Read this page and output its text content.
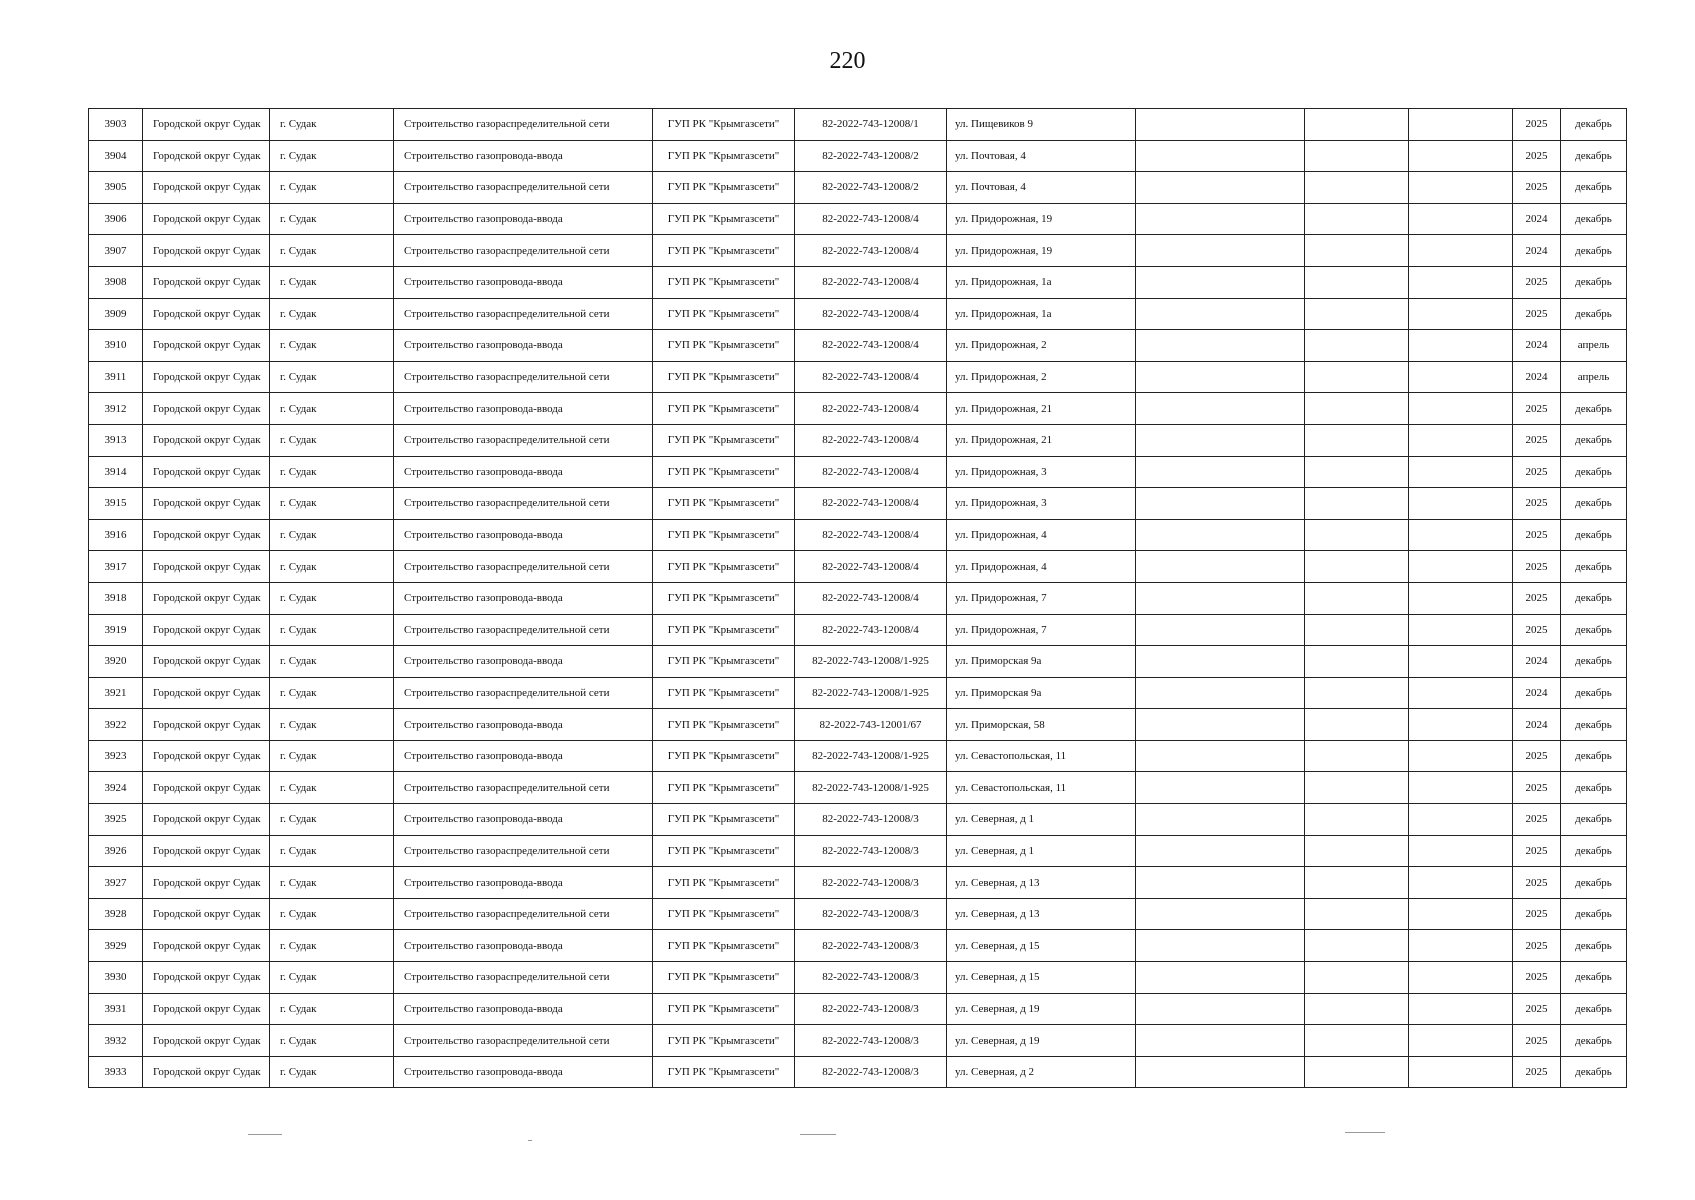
220
3903	Городской округ Судак	г. Судак	Строительство газораспределительной сети	ГУП РК "Крымгазсети"	82-2022-743-12008/1	ул. Пищевиков 9				2025	декабрь
3904	Городской округ Судак	г. Судак	Строительство газопровода-ввода	ГУП РК "Крымгазсети"	82-2022-743-12008/2	ул. Почтовая, 4				2025	декабрь
3905	Городской округ Судак	г. Судак	Строительство газораспределительной сети	ГУП РК "Крымгазсети"	82-2022-743-12008/2	ул. Почтовая, 4				2025	декабрь
3906	Городской округ Судак	г. Судак	Строительство газопровода-ввода	ГУП РК "Крымгазсети"	82-2022-743-12008/4	ул. Придорожная, 19				2024	декабрь
3907	Городской округ Судак	г. Судак	Строительство газораспределительной сети	ГУП РК "Крымгазсети"	82-2022-743-12008/4	ул. Придорожная, 19				2024	декабрь
3908	Городской округ Судак	г. Судак	Строительство газопровода-ввода	ГУП РК "Крымгазсети"	82-2022-743-12008/4	ул. Придорожная, 1а				2025	декабрь
3909	Городской округ Судак	г. Судак	Строительство газораспределительной сети	ГУП РК "Крымгазсети"	82-2022-743-12008/4	ул. Придорожная, 1а				2025	декабрь
3910	Городской округ Судак	г. Судак	Строительство газопровода-ввода	ГУП РК "Крымгазсети"	82-2022-743-12008/4	ул. Придорожная, 2				2024	апрель
3911	Городской округ Судак	г. Судак	Строительство газораспределительной сети	ГУП РК "Крымгазсети"	82-2022-743-12008/4	ул. Придорожная, 2				2024	апрель
3912	Городской округ Судак	г. Судак	Строительство газопровода-ввода	ГУП РК "Крымгазсети"	82-2022-743-12008/4	ул. Придорожная, 21				2025	декабрь
3913	Городской округ Судак	г. Судак	Строительство газораспределительной сети	ГУП РК "Крымгазсети"	82-2022-743-12008/4	ул. Придорожная, 21				2025	декабрь
3914	Городской округ Судак	г. Судак	Строительство газопровода-ввода	ГУП РК "Крымгазсети"	82-2022-743-12008/4	ул. Придорожная, 3				2025	декабрь
3915	Городской округ Судак	г. Судак	Строительство газораспределительной сети	ГУП РК "Крымгазсети"	82-2022-743-12008/4	ул. Придорожная, 3				2025	декабрь
3916	Городской округ Судак	г. Судак	Строительство газопровода-ввода	ГУП РК "Крымгазсети"	82-2022-743-12008/4	ул. Придорожная, 4				2025	декабрь
3917	Городской округ Судак	г. Судак	Строительство газораспределительной сети	ГУП РК "Крымгазсети"	82-2022-743-12008/4	ул. Придорожная, 4				2025	декабрь
3918	Городской округ Судак	г. Судак	Строительство газопровода-ввода	ГУП РК "Крымгазсети"	82-2022-743-12008/4	ул. Придорожная, 7				2025	декабрь
3919	Городской округ Судак	г. Судак	Строительство газораспределительной сети	ГУП РК "Крымгазсети"	82-2022-743-12008/4	ул. Придорожная, 7				2025	декабрь
3920	Городской округ Судак	г. Судак	Строительство газопровода-ввода	ГУП РК "Крымгазсети"	82-2022-743-12008/1-925	ул. Приморская 9а				2024	декабрь
3921	Городской округ Судак	г. Судак	Строительство газораспределительной сети	ГУП РК "Крымгазсети"	82-2022-743-12008/1-925	ул. Приморская 9а				2024	декабрь
3922	Городской округ Судак	г. Судак	Строительство газопровода-ввода	ГУП РК "Крымгазсети"	82-2022-743-12001/67	ул. Приморская, 58				2024	декабрь
3923	Городской округ Судак	г. Судак	Строительство газопровода-ввода	ГУП РК "Крымгазсети"	82-2022-743-12008/1-925	ул. Севастопольская, 11				2025	декабрь
3924	Городской округ Судак	г. Судак	Строительство газораспределительной сети	ГУП РК "Крымгазсети"	82-2022-743-12008/1-925	ул. Севастопольская, 11				2025	декабрь
3925	Городской округ Судак	г. Судак	Строительство газопровода-ввода	ГУП РК "Крымгазсети"	82-2022-743-12008/3	ул. Северная, д 1				2025	декабрь
3926	Городской округ Судак	г. Судак	Строительство газораспределительной сети	ГУП РК "Крымгазсети"	82-2022-743-12008/3	ул. Северная, д 1				2025	декабрь
3927	Городской округ Судак	г. Судак	Строительство газопровода-ввода	ГУП РК "Крымгазсети"	82-2022-743-12008/3	ул. Северная, д 13				2025	декабрь
3928	Городской округ Судак	г. Судак	Строительство газораспределительной сети	ГУП РК "Крымгазсети"	82-2022-743-12008/3	ул. Северная, д 13				2025	декабрь
3929	Городской округ Судак	г. Судак	Строительство газопровода-ввода	ГУП РК "Крымгазсети"	82-2022-743-12008/3	ул. Северная, д 15				2025	декабрь
3930	Городской округ Судак	г. Судак	Строительство газораспределительной сети	ГУП РК "Крымгазсети"	82-2022-743-12008/3	ул. Северная, д 15				2025	декабрь
3931	Городской округ Судак	г. Судак	Строительство газопровода-ввода	ГУП РК "Крымгазсети"	82-2022-743-12008/3	ул. Северная, д 19				2025	декабрь
3932	Городской округ Судак	г. Судак	Строительство газораспределительной сети	ГУП РК "Крымгазсети"	82-2022-743-12008/3	ул. Северная, д 19				2025	декабрь
3933	Городской округ Судак	г. Судак	Строительство газопровода-ввода	ГУП РК "Крымгазсети"	82-2022-743-12008/3	ул. Северная, д 2				2025	декабрь
